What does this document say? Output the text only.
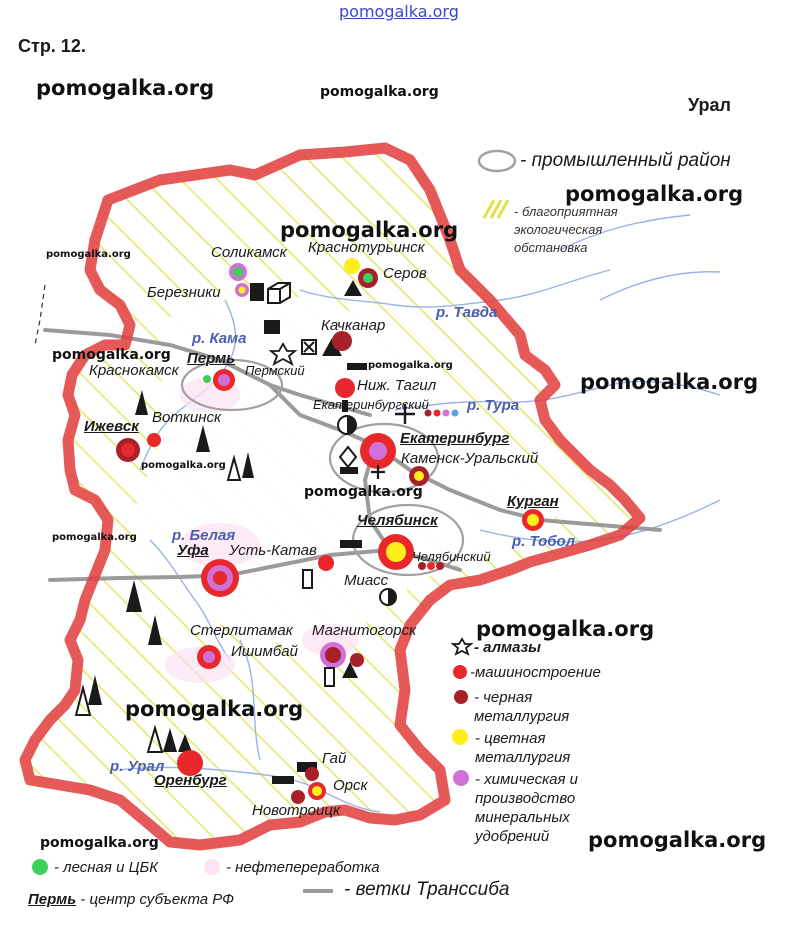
pomogalka.org
Стр. 12.
Урал
pomogalka.org	pomogalka.org
pomogalka.org
pomogalka.org
pomogalka.org
pomogalka.org
pomogalka.org
pomogalka.org
pomogalka.org
pomogalka.org
pomogalka.org
pomogalka.org
pomogalka.org
pomogalka.org	pomogalka.org
р. Кама
р. Тавда
р. Тура
р. Белая	р. Тобол
р. Урал
Соликамск Краснотурьинск
Серов
Березники
Качканар
Пермь
Краснокамск	Пермский
Ниж. Тагил
Екатеринбургский
Воткинск
Ижевск
Екатеринбург
Каменск-Уральский
Курган
Челябинск
Уфа Усть-Катав	Челябинский
Миасс
Стерлитамак Магнитогорск
Ишимбай
Оренбург
Гай
Орск
Новотроицк
- промышленный район
- благоприятная
экологическая
обстановка
- алмазы
-машиностроение
- черная
металлургия
- цветная
металлургия
- химическая и
производство
минеральных
удобрений
- лесная и ЦБК	- нефтепереработка
- ветки Транссиба
Пермь - центр субъекта РФ
